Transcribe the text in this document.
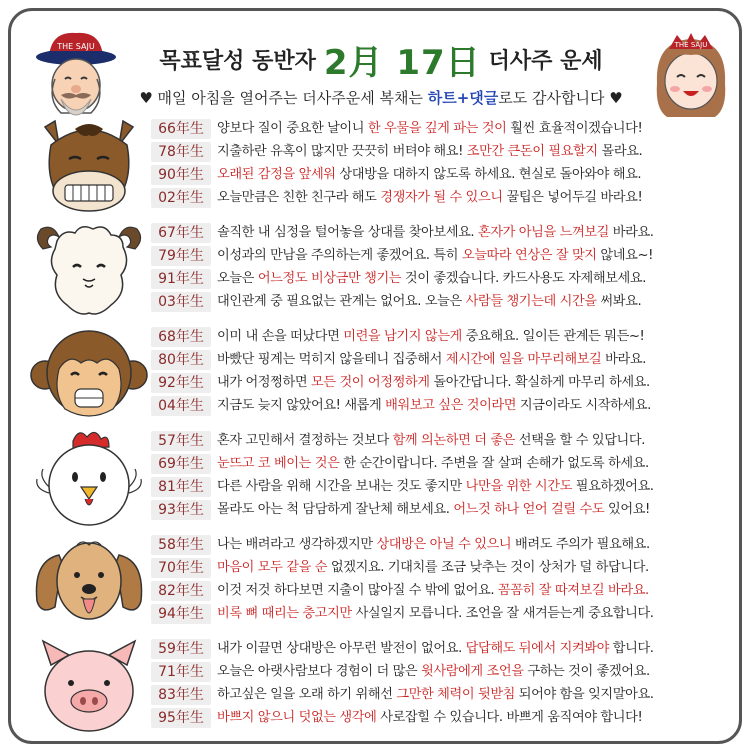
THE SAJU
목표달성 동반자 2月 17日 더사주 운세
♥ 매일 아침을 열어주는 더사주운세 복채는 하트+댓글로도 감사합니다 ♥
THE SAJU
66年生 양보다 질이 중요한 날이니 한 우물을 깊게 파는 것이 훨씬 효율적이겠습니다!
78年生 지출하란 유혹이 많지만 끗끗히 버텨야 해요! 조만간 큰돈이 필요할지 몰라요.
90年生 오래된 감정을 앞세워 상대방을 대하지 않도록 하세요. 현실로 돌아와야 해요.
02年生 오늘만큼은 친한 친구라 해도 경쟁자가 될 수 있으니 꿀팁은 넣어두길 바라요!
67年生 솔직한 내 심정을 털어놓을 상대를 찾아보세요. 혼자가 아님을 느껴보길 바라요.
79年生 이성과의 만남을 주의하는게 좋겠어요. 특히 오늘따라 연상은 잘 맞지 않네요~!
91年生 오늘은 어느정도 비상금만 챙기는 것이 좋겠습니다. 카드사용도 자제해보세요.
03年生 대인관계 중 필요없는 관계는 없어요. 오늘은 사람들 챙기는데 시간을 써봐요.
68年生 이미 내 손을 떠났다면 미련을 남기지 않는게 중요해요. 일이든 관계든 뭐든~!
80年生 바빴단 핑계는 먹히지 않을테니 집중해서 제시간에 일을 마무리해보길 바라요.
92年生 내가 어정쩡하면 모든 것이 어정쩡하게 돌아간답니다. 확실하게 마무리 하세요.
04年生 지금도 늦지 않았어요! 새롭게 배워보고 싶은 것이라면 지금이라도 시작하세요.
57年生 혼자 고민해서 결정하는 것보다 함께 의논하면 더 좋은 선택을 할 수 있답니다.
69年生 눈뜨고 코 베이는 것은 한 순간이랍니다. 주변을 잘 살펴 손해가 없도록 하세요.
81年生 다른 사람을 위해 시간을 보내는 것도 좋지만 나만을 위한 시간도 필요하겠어요.
93年生 몰라도 아는 척 담담하게 잘난체 해보세요. 어느것 하나 얻어 걸릴 수도 있어요!
58年生 나는 배려라고 생각하겠지만 상대방은 아닐 수 있으니 배려도 주의가 필요해요.
70年生 마음이 모두 같을 순 없겠지요. 기대치를 조금 낮추는 것이 상처가 덜 하답니다.
82年生 이것 저것 하다보면 지출이 많아질 수 밖에 없어요. 꼼꼼히 잘 따져보길 바라요.
94年生 비록 뼈 때리는 충고지만 사실일지 모릅니다. 조언을 잘 새겨듣는게 중요합니다.
59年生 내가 이끌면 상대방은 아무런 발전이 없어요. 답답해도 뒤에서 지켜봐야 합니다.
71年生 오늘은 아랫사람보다 경험이 더 많은 윗사람에게 조언을 구하는 것이 좋겠어요.
83年生 하고싶은 일을 오래 하기 위해선 그만한 체력이 뒷받침 되어야 함을 잊지말아요.
95年生 바쁘지 않으니 덧없는 생각에 사로잡힐 수 있습니다. 바쁘게 움직여야 합니다!
